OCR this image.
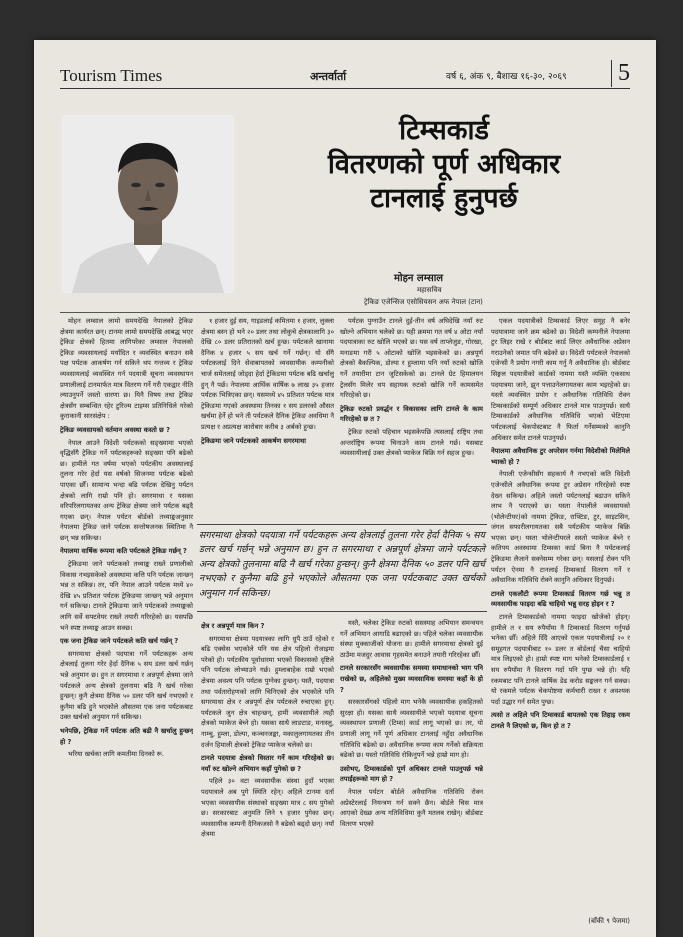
Tourism Times	अन्तर्वार्ता	वर्ष ६, अंक ९, बैशाख १६-३०, २०६९ 5
टिम्सकार्ड
वितरणको पूर्ण अधिकार
टानलाई हुनुपर्छ
मोहन लम्साल
महासचिव
ट्रेकिङ एजेन्सिज एसोसियसन अफ नेपाल (टान)

मोहन लम्साल लामो समयदेखि नेपालको ट्रेकिङ क्षेत्रमा कार्यरत छन्। टानमा लामो समयदेखि आबद्ध भएर ट्रेकिङ क्षेत्रको हितमा लागिपरेका लम्साल नेपालको ट्रेकिङ व्यवसायलाई मर्यादित र व्यवस्थित बनाउन सबै पक्ष पर्यटक आकर्षण गर्न सकिने थप गन्तव्य र ट्रेकिङ व्यवसायलाई व्यवस्थित गर्न पदयात्री सूचना व्यवस्थापन प्रणालीलाई टानमार्फत मात्र वितरण गर्ने गरी एकद्वार नीति ल्याउनुपर्ने जस्तो धारणा छ। यिनै विषय तथा ट्रेकिङ क्षेत्रसँग सम्बन्धित रहेर टुरिज्म टाइम्स प्रतिनिधिले गरेको कुराकानी सारसंक्षेप :

ट्रेकिङ व्यवसायको वर्तमान अवस्था कस्तो छ ?

नेपाल आउने विदेशी पर्यटकको सङ्ख्यामा भएको वृद्धिसँगै ट्रेकिङ गर्ने पर्यटकहरूको सङ्ख्या पनि बढेको छ। हामीले गत वर्षमा भएको पर्यटकीय अवस्थालाई तुलना गरेर हेर्दा यस वर्षको सिजनमा पर्यटक बढेको पाएका छौँ। सामान्य भन्दा बढि पर्यटक देखिनु पर्यटन क्षेत्रको लागि राम्रो पनि हो। सगरमाथा र यसका वरिपरिलगायतका अन्य ट्रेकिङ क्षेत्रमा जाने पर्यटक बढ्दै गएका छन्। नेपाल पर्यटन बोर्डको तथ्याङ्कअनुसार नेपालमा ट्रेकिङ जाने पर्यटक सन्तोषजनक स्थितिमा नै छन् भन्न सकिन्छ।

नेपालमा वार्षिक रूपमा कति पर्यटकले ट्रेकिङ गर्छन् ?

ट्रेकिङमा जाने पर्यटकको तथ्याङ्क राख्ने प्रणालीको विकास नभइसकेको अवस्थामा कत्ति पनि पर्यटक जान्छन् भन्न त सकिन्न। तर, पनि नेपाल आउने पर्यटक मध्ये ४० देखि ४५ प्रतिशत पर्यटक ट्रेकिङमा जान्छन् भन्ने अनुमान गर्न सकिन्छ। टानले ट्रेकिङमा जाने पर्यटकको तथ्याङ्कको लागि सर्वे सफ्टवेयर राख्ने तयारी गरिरहेको छ। यसपछि भने स्पष्ट तथ्याङ्क आउन सक्छ।

एक जना ट्रेकिङ जाने पर्यटकले कति खर्च गर्छन् ?

सगरमाथा क्षेत्रको पदयात्रा गर्ने पर्यटकहरू अन्य क्षेत्रलाई तुलना गरेर हेर्दा दैनिक ५ सय डलर खर्च गर्छन् भन्ने अनुमान छ। हुन त सगरमाथा र अन्नपूर्ण क्षेत्रमा जाने पर्यटकले अन्य क्षेत्रको तुलनामा बढि नै खर्च गरेका हुन्छन्। कुनै क्षेत्रमा दैनिक ५० डलर पनि खर्च नभएको र कुनैमा बढि हुने भएकोले औसतमा एक जना पर्यटकबाट उक्त खर्चको अनुमान गर्न सकिन्छ।

भनेपछि, ट्रेकिङ गर्ने पर्यटक अति बढी नै खर्चालु हुन्छन् हो ?

भरिया खर्चका लागि कमतीमा दिनको रू.

१ हजार दुई सय, गाइडलाई कमितमा १ हजार, लुक्ला क्षेत्रमा बस्न हो भने २० डलर तथा लोकुचे क्षेत्रकालागि ३० देखि ८० डलर प्रतिरातको खर्च हुन्छ। पर्यटकले खानामा दैनिक ४ हजार ५ सय खर्च गर्ने गर्छन्। यो सँगै पर्यटकलाई दिने सेवाबापतको व्यवसायीक कम्पनीको चार्ज समेतलाई जोड्दा हेर्दा ट्रेकिङमा पर्यटक बढि खर्चालु हुन् नै पर्छ। नेपालमा आर्थिक वार्षिक ७ लाख ३५ हजार पर्यटक भित्रिएका छन्। यसमध्ये ४५ प्रतिशत पर्यटक मात्र ट्रेकिङमा गएको अवस्थामा तिनका १ सय डलरको औसत खर्चमा हेर्ने हो भने ती पर्यटकले दैनिक ट्रेकिङ अवधिमा नै प्रत्यक्ष र अप्रत्यक्ष कारोबार करीब ३ अर्बको हुन्छ।

ट्रेकिङमा जाने पर्यटकको आकर्षण सगरमाथा

पर्यटक पुग्नाउँन टानले दुई-तीन वर्ष अघिदेखि नयाँ रुट खोल्ने अभियान चलेको छ। यही क्रममा गत वर्ष ४ ओटा नयाँ पदयात्राका रुट खोलि भएको छ। यस वर्ष ताप्लेजुङ, गोरखा, मनाङमा गरी ५ ओटाको खोजि भइसकेको छ। अन्नपूर्ण क्षेत्रको बैकल्पिक, डोल्पा र हुम्लामा पनि नयाँ रुटको खोजि गर्ने तयारीमा टान जुटिसकेको छ। टानले ग्रेट हिमालयन ट्रेलसँग मिलेर थप सहायक रुटको खोजि गर्ने कामसमेत गरिरहेको छ।

ट्रेकिङ रुटको प्रवर्द्धन र विकासका लागि टानले के काम गरिरहेको छ त ?

ट्रेकिङ रुटको पहिचान भइसकेपछि त्यसलाई राष्ट्रिय तथा अन्तर्राष्ट्रिय रूपमा चिनाउने काम टानले गर्छ। यसबाट व्यवसायीलाई उक्त क्षेत्रको प्याकेज बिक्रि गर्न सहज हुन्छ।

एकल पदयात्रीको टिम्सकार्ड लिएर समूह नै बनेर पदयात्रामा जाने क्रम बढेको छ। विदेशी कम्पनीले नेपालमा टुर लिइर राखे र बोर्डबाट कार्ड लिएर अवैधानिक अप्रेसन गराउनेको जमात पनि बढेको छ। विदेशी पर्यटकले नेपालको एजेन्सी नै प्रयोग नगरी काम गर्नु नै अवैधानिक हो। बोर्डबाट सिङ्गल पदयात्रीको कार्डको नाममा यस्तै व्यक्ति एकसाथ पदयात्रमा जाने, झुन पत्ताउनेलगायतका काम भइरहेको छ। यस्तो व्यवस्थित प्रयोग र अवैधानिक गतिविधि रोक्न टिम्सकार्डको सम्पूर्ण अधिकार टानले मात्र पाउनुपर्छ। साथै टिम्सकार्डको अवैधानिक गतिविधि भएको भेटिएमा पर्यटकलाई चेकपोस्टबाट नै फिर्ता गर्नेसम्मको कानुनि अधिकार समेत टानले पाउनुपर्छ।

नेपालमा अवैधानिक टुर अपरेसन गर्नमा विदेशीको मिलेमिले भ्याको हो ?

नेपाली एजेन्सीसँग सहकार्य नै नभएको कति विदेशी एजेन्सीले अवैधानिक रूपमा टुर अप्रेसन गरिरहेको स्पष्ट देख्न सकिन्छ। अहिले जस्तो पर्यटनलाई बढाउन सकिने लाभ नै पराएको छ। यस्ता नेपालीले व्यवसायको (भोलेन्टीयर)को नाममा ट्रेकिङ, राफ्टिङ, टुर, साइटसिन, जंगल सफारीलगायतका सबै पर्यटकीय प्याकेज बिक्रि भएका छन्। यस्ता भोलेन्टीयरले सस्तो प्याकेज बेच्ने र कतिपय अवस्थामा टिम्सका कार्ड बिना नै पर्यटकलाई ट्रेकिङमा लैजाने सक्नेसम्म गरेका छन्। यसलाई रोक्न पनि पर्यटन ऐनमा नै टानलाई टिम्सकार्ड वितरण गर्ने र अवैधानिक गतिविधि रोक्ने कानुनि अधिकार दिनुपर्छ।

टानले एकलौटी रूपमा टिम्सकार्ड वितरण गर्छ भन्नु त व्यवसायीक फाइदा बढि चाहियो भन्नु सरह होइन र ?

टानले टिम्सकार्डको नाममा फाइदा खोजेको होइन्। हामीले त १ सय रुपैयाँमा नै टिम्सकार्ड वितरण गर्नुपर्छ भनेका छौँ। अहिले दिँदै आएको एकल पदयात्रीलाई २० र समूहगत पदयात्रीबाट १० डलर त बोर्डलाई चैसा चाहियो मात्र लिइएको हो। हाम्रो स्पष्ट माग भनेको टिम्सकार्डलाई १ सय रुपैयाँमा नै वितरण गर्दा पनि पुग्छ भन्ने हो। यहि रकमबाट पनि टानले वार्षिक डेढ करोड सङ्कलन गर्न सक्छ। यो रकमले पर्यटक चेकपोष्टमा कर्मचारी राख्न र अवश्यक पर्दा उद्धार गर्न समेत पुग्छ।

त्यसो त अहिले पनि टिम्सकार्ड बापतको एक तिहाइ रकम टानले नै लिएको छ, किन हो त ?

सगरमाथा क्षेत्रको पदयात्रा गर्ने पर्यटकहरू अन्य क्षेत्रलाई तुलना गरेर हेर्दा दैनिक ५ सय डलर खर्च गर्छन् भन्ने अनुमान छ। हुन त सगरमाथा र अन्नपूर्ण क्षेत्रमा जाने पर्यटकले अन्य क्षेत्रको तुलनामा बढि नै खर्च गरेका हुन्छन्। कुनै क्षेत्रमा दैनिक ५० डलर पनि खर्च नभएको र कुनैमा बढि हुने भएकोले औसतमा एक जना पर्यटकबाट उक्त खर्चको अनुमान गर्न सकिन्छ।

क्षेत्र र अन्नपूर्ण मात्र किन ?

सगरमाथा क्षेत्रमा पदयात्रका लागि धुपै ठाउँ रहेको र बढि एक्सेस भएकोले पनि यस क्षेत्र पहिलो रोजाइमा परेको हो। पर्यटकीय पूर्वाधारमा भएको विकासको दृष्टिले पनि पर्यटक लोभ्याउने गर्छ। हुम्लाबाहेक राम्रो भएको क्षेत्रमा अवश्य पनि पर्यटक पुग्नेका हुन्छन्। यस्तै, पदयात्रा तथा पर्वतारोहणको लागि चिनिएको क्षेत्र भएकोले पनि सगरमाथा क्षेत्र र अन्नपूर्ण क्षेत्र पर्यटकले रुचाएका हुन्। पर्यटकले जुन क्षेत्र चाहन्छन्, हामी व्यवसायीले त्यही क्षेत्रको प्याकेज बेच्ने हो। यसका साथै लाङटाङ, मनास्लु, नाम्चु, हुम्ला, डोल्पा, कञ्चनजङ्घा, मकालुलगायतका तीन दर्जन हिमाली क्षेत्रको ट्रेकिङ प्याकेज चलेको छ।

टानले पदयात्रा क्षेत्रको विस्तार गर्ने काम गरिरहेको छ। नयाँ रुट खोल्ने अभियान कहाँ पुगेको छ ?

पहिले ३० वटा व्यवसायीक संस्था हुदाँ भएका पदयात्राले अब पुगे स्थिति रहेन्। अहिले टानमा दर्ता भएका व्यवसायीक संस्थाको सङ्ख्या मात्र ८ सय पुगेको छ। सरकारबाट अनुमति लिने ९ हजार पुगेका छन्। व्यवसायीक कम्पनी दैनिकजसो नै बढेको बढ्दो छन्। नयाँ क्षेत्रमा

यस्तै, चलेका ट्रेकिङ रुटको ससस्याह अभियान समन्वयन गर्ने अभियान आगाडि बढाएको छ। पहिले चलेका व्यवसायीक संस्था मुक्काजीको योजना छ। हामीले सगरमाथा क्षेत्रको दुई ठाउँमा मजदुर आवास गृहसमेत बनाउने तयारी गरिरहेका छौँ।

टानले सरकारसँग व्यवसायीक समस्या समाधानको भाग पनि राखेको छ, अहिलेको मुख्य व्यवसायिक समस्या कहाँ के हो ?

सरकारसँगको पहिलो माग भनेकै व्यवसायीक हकहितको सुरक्षा हो। यसका साथै व्यवसायीले भएको पदयात्रा सूचना व्यवस्थापन प्रणाली (टिम्स) कार्ड लागू भएको छ। तर, यो प्रणाली लागू गर्ने पूर्ण अधिकार टानलाई नहुँदा अवैधानिक गतिविधि बढेको छ। अवैधानिक रूपमा काम गर्नेको सक्रियता बढेको छ। यस्तो गतिविधि रोकिनुपर्ने भन्ने हाम्रो माग हो।

उसोभए, टिम्सकार्डको पूर्ण अधिकार टानले पाउनुपर्छ भन्ने तपाईंहरूको माग हो ?

नेपाल पर्यटन बोर्डले अवैधानिक गतिविधि रोक्न अप्रेस्टेरलाई नियन्त्रण गर्न सक्ने छैन। बोर्डले चिस मात्र आएको देख्छ अन्य गतिविधिमा कुनै मतलब राखेन्। बोर्डबाट वितरण भएको

(बाँकी ९ पेजमा)
